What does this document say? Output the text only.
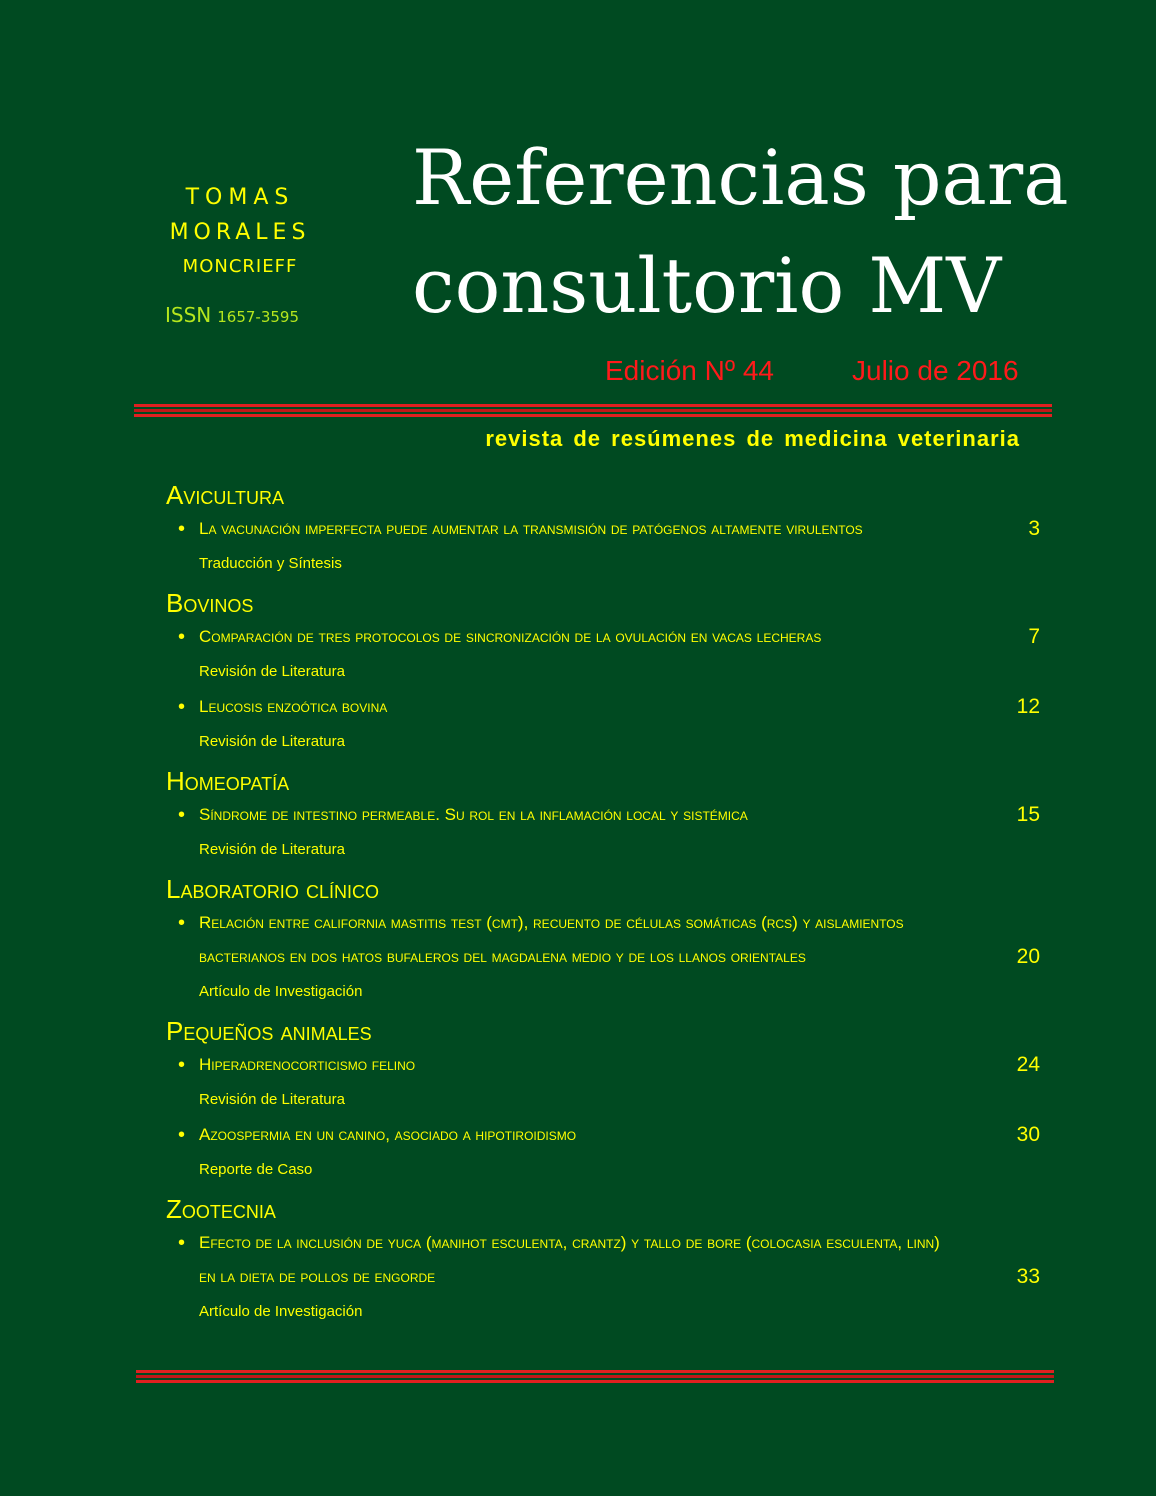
TOMAS
MORALES
MONCRIEFF
ISSN 1657-3595
Referencias para
consultorio MV
Edición Nº 44	Julio de 2016
revista de resúmenes de medicina veterinaria
Avicultura
• La vacunación imperfecta puede aumentar la transmisión de patógenos altamente virulentos	3
Traducción y Síntesis
Bovinos
• Comparación de tres protocolos de sincronización de la ovulación en vacas lecheras	7
Revisión de Literatura
• Leucosis enzoótica bovina	12
Revisión de Literatura
Homeopatía
• Síndrome de intestino permeable. Su rol en la inflamación local y sistémica	15
Revisión de Literatura
Laboratorio clínico
• Relación entre california mastitis test (cmt), recuento de células somáticas (rcs) y aislamientos
bacterianos en dos hatos bufaleros del magdalena medio y de los llanos orientales	20
Artículo de Investigación
Pequeños animales
• Hiperadrenocorticismo felino	24
Revisión de Literatura
• Azoospermia en un canino, asociado a hipotiroidismo	30
Reporte de Caso
Zootecnia
• Efecto de la inclusión de yuca (manihot esculenta, crantz) y tallo de bore (colocasia esculenta, linn)
en la dieta de pollos de engorde	33
Artículo de Investigación
